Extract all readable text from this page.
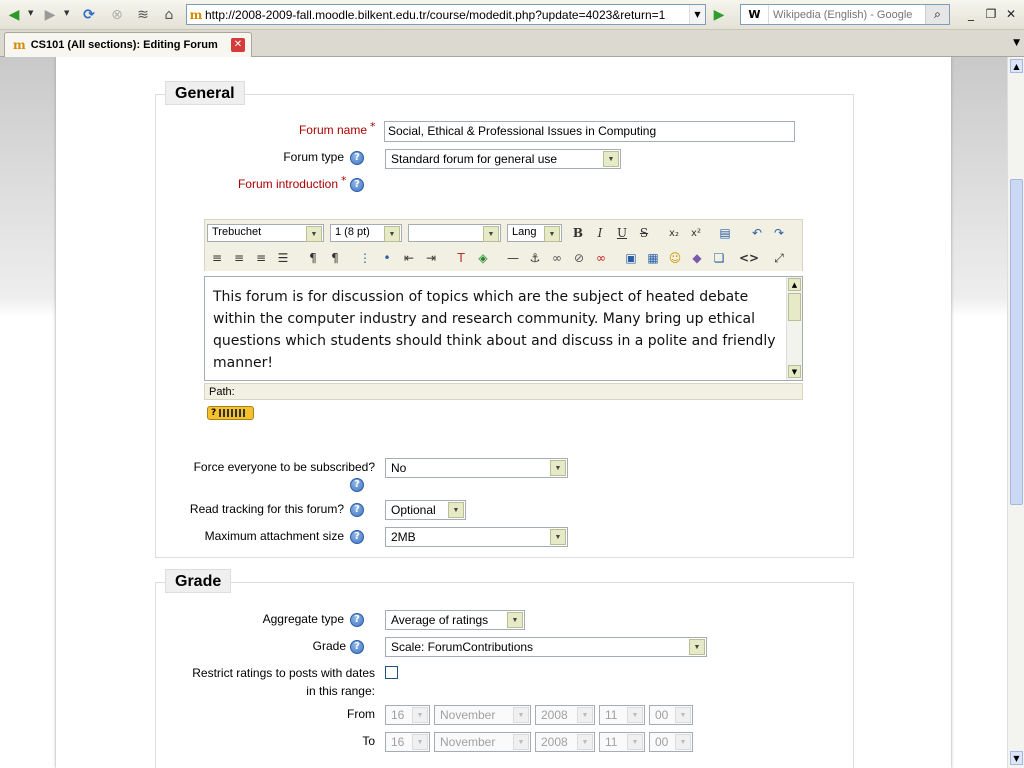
◀	▼ ▶	▼ ⟳	⊗	≋	⌂	m http://2008-2009-fall.moodle.bilkent.edu.tr/course/modedit.php?update=4023&return=1	▼ ▶	W
Wikipedia (English) - Google	⌕	_ ❐ ✕
m CS101 (All sections): Editing Forum	✕	▼
General
Forum name *	Social, Ethical & Professional Issues in Computing
Forum type	?	Standard forum for general use	▼
Forum introduction * ?
Trebuchet	▼	1 (8 pt)	▼	▼	Lang	▼	B	I	U	S	x₂	x²	▤	↶ ↷
≡ ≡ ≡ ☰	¶	¶	⋮	•	⇤ ⇥	T	◈	— ⚓ ∞ ⊘ ∞	▣ ▦ ☺ ◆	❏	<>	⤢
This forum is for discussion of topics which are the subject of heated debate within the computer industry and research community. Many bring up ethical questions which students should think about and discuss in a polite and friendly manner!
▲
▼
Path:
?
Force everyone to be subscribed?
?
No	▼
Read tracking for this forum?	?	Optional	▼
Maximum attachment size	?	2MB	▼
Grade
Aggregate type	?	Average of ratings	▼
Grade ?	Scale: ForumContributions	▼
Restrict ratings to posts with dates
in this range:
From	16	▼	November	▼	2008	▼	11	▼	00	▼
To	16	▼	November	▼	2008	▼	11	▼	00	▼
▲
▼
